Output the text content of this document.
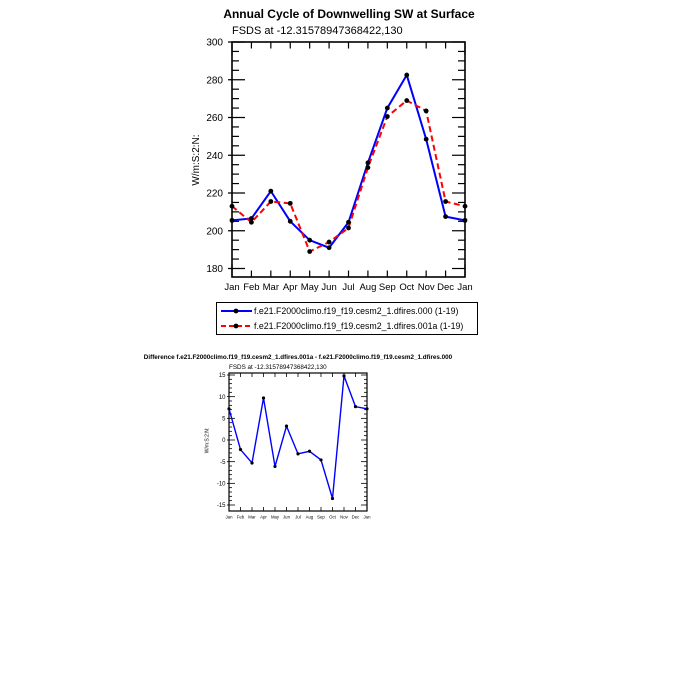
Jan Feb Mar Apr May Jun Jul Aug Sep Oct Nov Dec Jan
180
200
220
240
260
280
300
Jan Feb Mar Apr May Jun Jul Aug Sep Oct Nov Dec Jan
-15
-10
-5
0
5
10
15
Annual Cycle of Downwelling SW at Surface
FSDS at -12.31578947368422,130
W/m:S:2:N:
f.e21.F2000climo.f19_f19.cesm2_1.dfires.000 (1-19)
f.e21.F2000climo.f19_f19.cesm2_1.dfires.001a (1-19)
Difference f.e21.F2000climo.f19_f19.cesm2_1.dfires.001a - f.e21.F2000climo.f19_f19.cesm2_1.dfires.000
FSDS at -12.31578947368422,130
W/m:S:2:N:
